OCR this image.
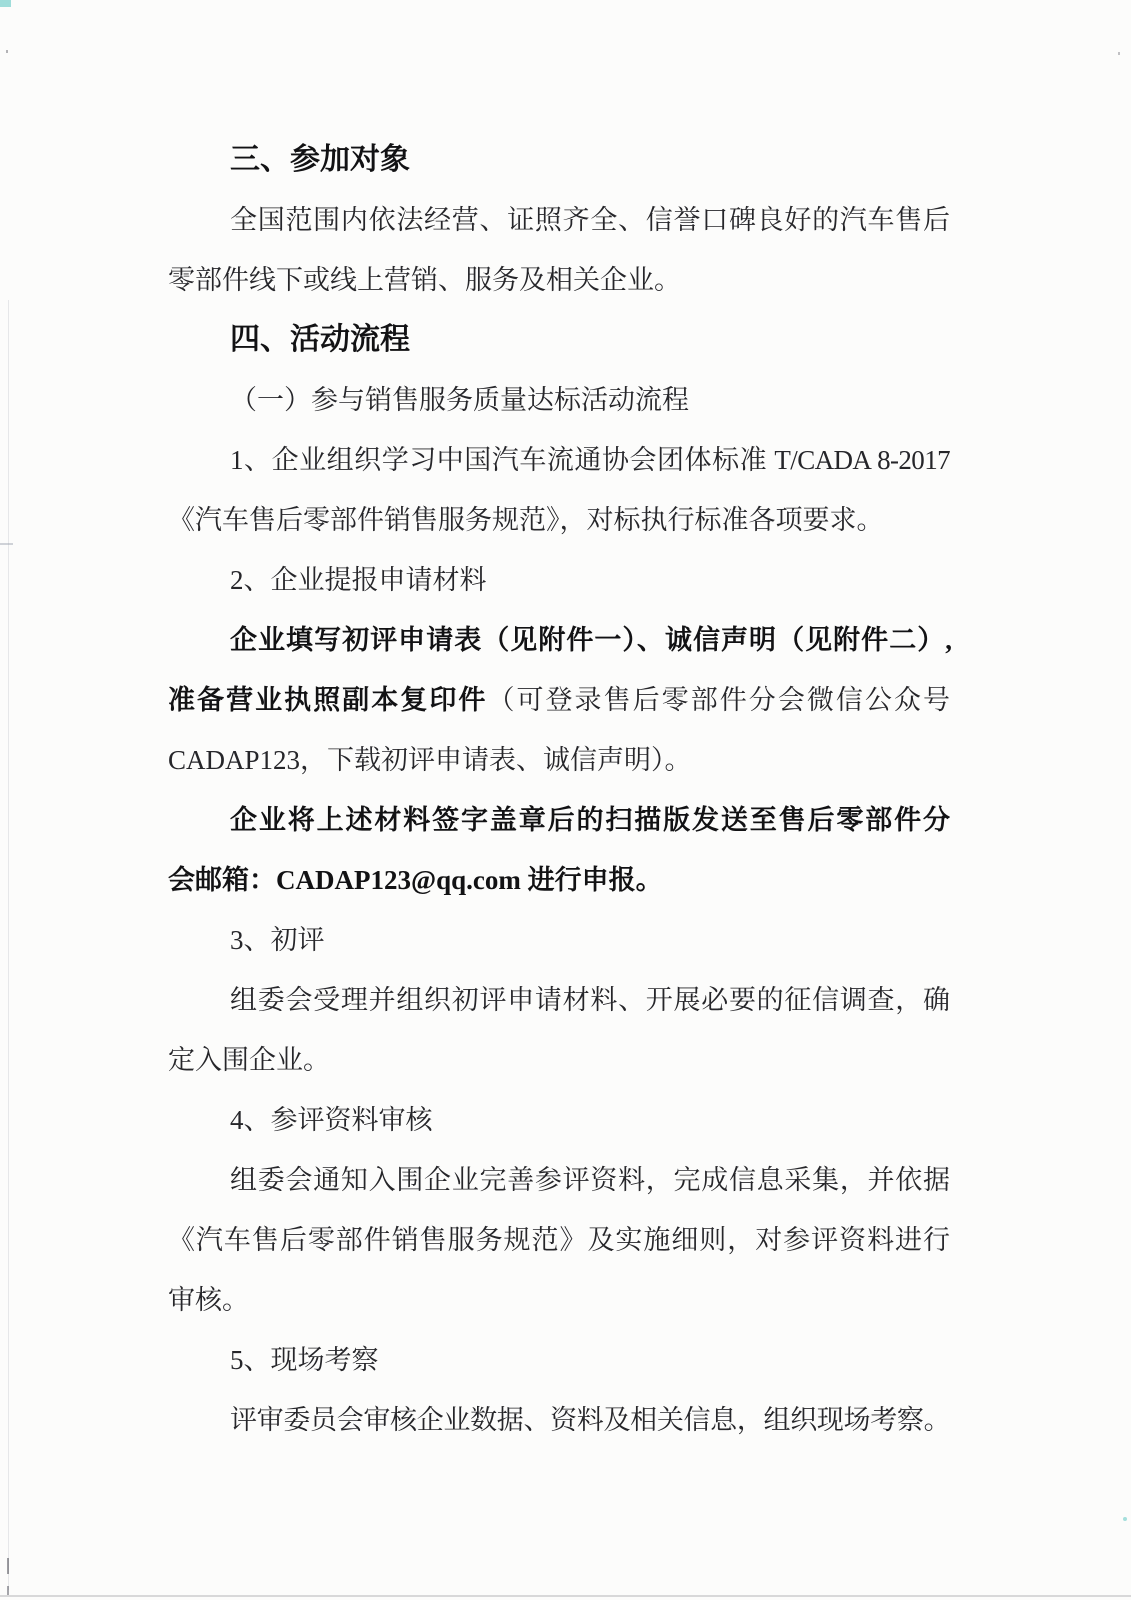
三、参加对象
全国范围内依法经营、证照齐全、信誉口碑良好的汽车售后
零部件线下或线上营销、服务及相关企业。
四、活动流程
（一）参与销售服务质量达标活动流程
1、企业组织学习中国汽车流通协会团体标准 T/CADA 8-2017
《汽车售后零部件销售服务规范》，对标执行标准各项要求。
2、企业提报申请材料
企业填写初评申请表（见附件一）、诚信声明（见附件二）,
准备营业执照副本复印件（可登录售后零部件分会微信公众号
CADAP123，下载初评申请表、诚信声明）。
企业将上述材料签字盖章后的扫描版发送至售后零部件分
会邮箱：CADAP123@qq.com 进行申报。
3、初评
组委会受理并组织初评申请材料、开展必要的征信调查，确
定入围企业。
4、参评资料审核
组委会通知入围企业完善参评资料，完成信息采集，并依据
《汽车售后零部件销售服务规范》及实施细则，对参评资料进行
审核。
5、现场考察
评审委员会审核企业数据、资料及相关信息，组织现场考察。
